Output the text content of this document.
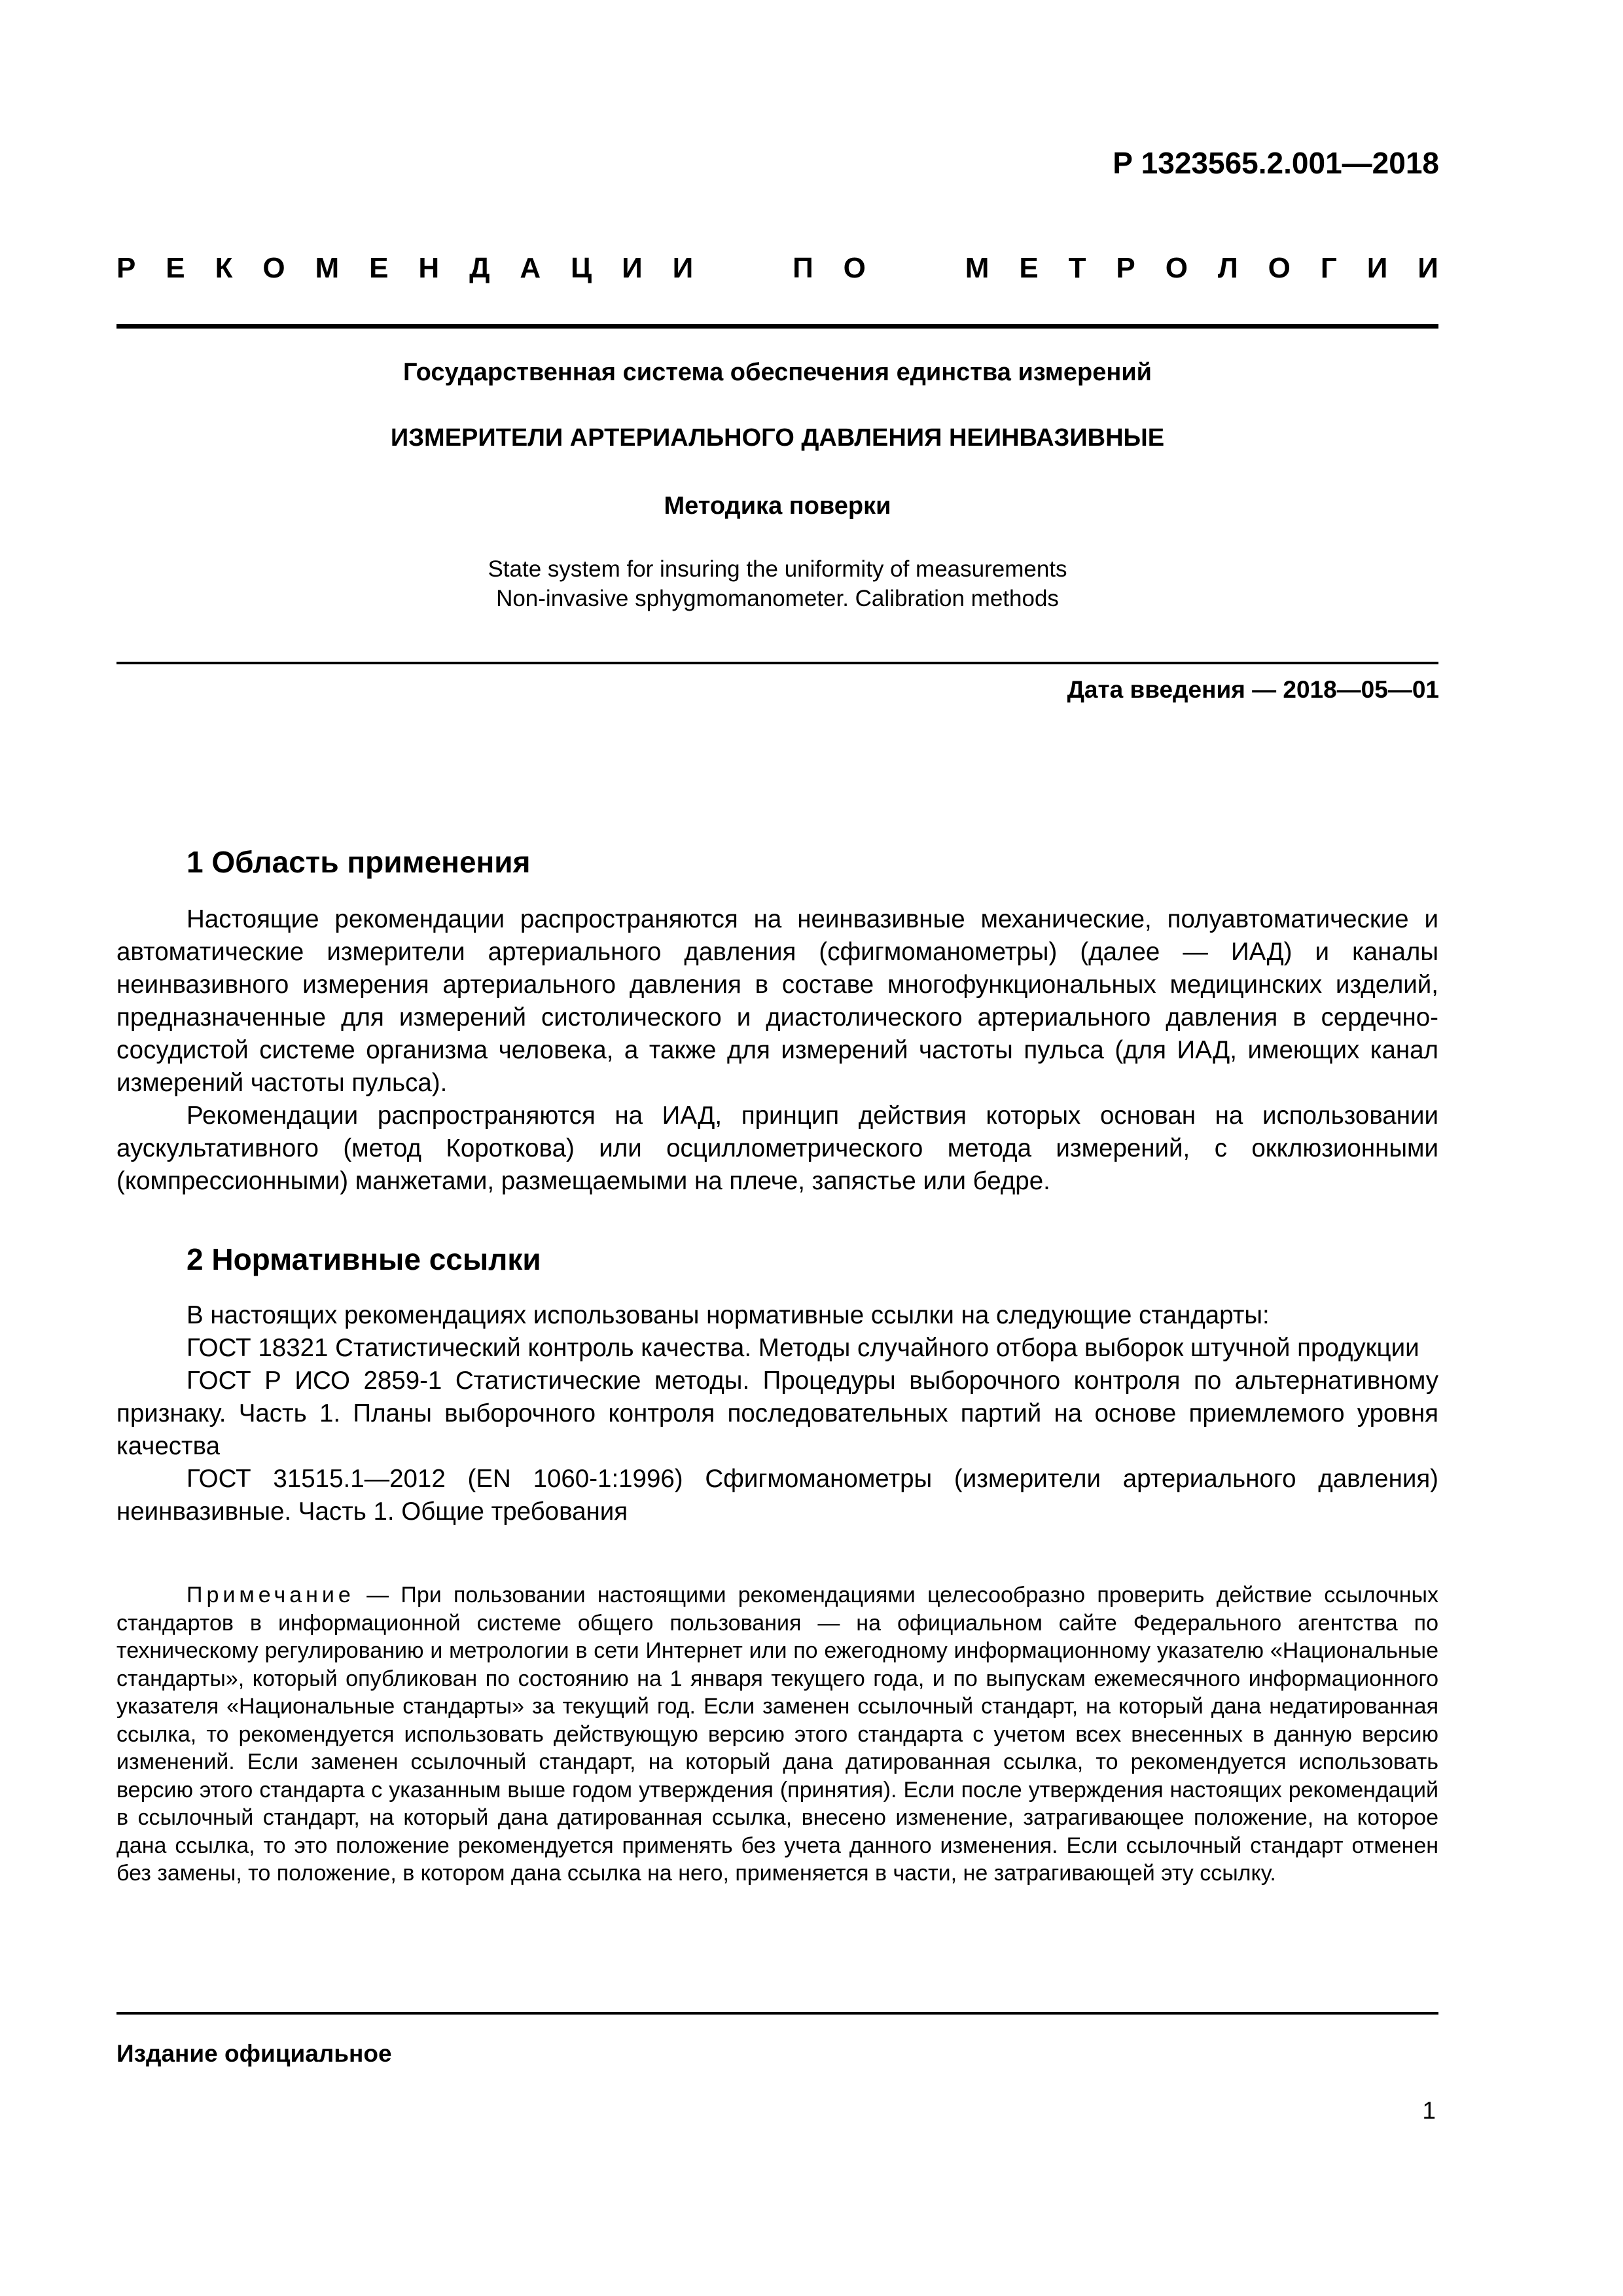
Р 1323565.2.001—2018
Р Е К О М Е Н Д А Ц И И	П О	М Е Т Р О Л О Г И И
Государственная система обеспечения единства измерений
ИЗМЕРИТЕЛИ АРТЕРИАЛЬНОГО ДАВЛЕНИЯ НЕИНВАЗИВНЫЕ
Методика поверки
State system for insuring the uniformity of measurements
Non-invasive sphygmomanometer. Calibration methods
Дата введения — 2018—05—01
1 Область применения

Настоящие рекомендации распространяются на неинвазивные механические, полуавтоматические и автоматические измерители артериального давления (сфигмоманометры) (далее — ИАД) и каналы неинвазивного измерения артериального давления в составе многофункциональных медицинских изделий, предназначенные для измерений систолического и диастолического артериального давления в сердечно-сосудистой системе организма человека, а также для измерений частоты пульса (для ИАД, имеющих канал измерений частоты пульса).

Рекомендации распространяются на ИАД, принцип действия которых основан на использовании аускультативного (метод Короткова) или осциллометрического метода измерений, с окклюзионными (компрессионными) манжетами, размещаемыми на плече, запястье или бедре.

2 Нормативные ссылки

В настоящих рекомендациях использованы нормативные ссылки на следующие стандарты:

ГОСТ 18321 Статистический контроль качества. Методы случайного отбора выборок штучной продукции

ГОСТ Р ИСО 2859-1 Статистические методы. Процедуры выборочного контроля по альтернативному признаку. Часть 1. Планы выборочного контроля последовательных партий на основе приемлемого уровня качества

ГОСТ 31515.1—2012 (EN 1060-1:1996) Сфигмоманометры (измерители артериального давления) неинвазивные. Часть 1. Общие требования

Примечание — При пользовании настоящими рекомендациями целесообразно проверить действие ссылочных стандартов в информационной системе общего пользования — на официальном сайте Федерального агентства по техническому регулированию и метрологии в сети Интернет или по ежегодному информационному указателю «Национальные стандарты», который опубликован по состоянию на 1 января текущего года, и по выпускам ежемесячного информационного указателя «Национальные стандарты» за текущий год. Если заменен ссылочный стандарт, на который дана недатированная ссылка, то рекомендуется использовать действующую версию этого стандарта с учетом всех внесенных в данную версию изменений. Если заменен ссылочный стандарт, на который дана датированная ссылка, то рекомендуется использовать версию этого стандарта с указанным выше годом утверждения (принятия). Если после утверждения настоящих рекомендаций в ссылочный стандарт, на который дана датированная ссылка, внесено изменение, затрагивающее положение, на которое дана ссылка, то это положение рекомендуется применять без учета данного изменения. Если ссылочный стандарт отменен без замены, то положение, в котором дана ссылка на него, применяется в части, не затрагивающей эту ссылку.

Издание официальное
1
